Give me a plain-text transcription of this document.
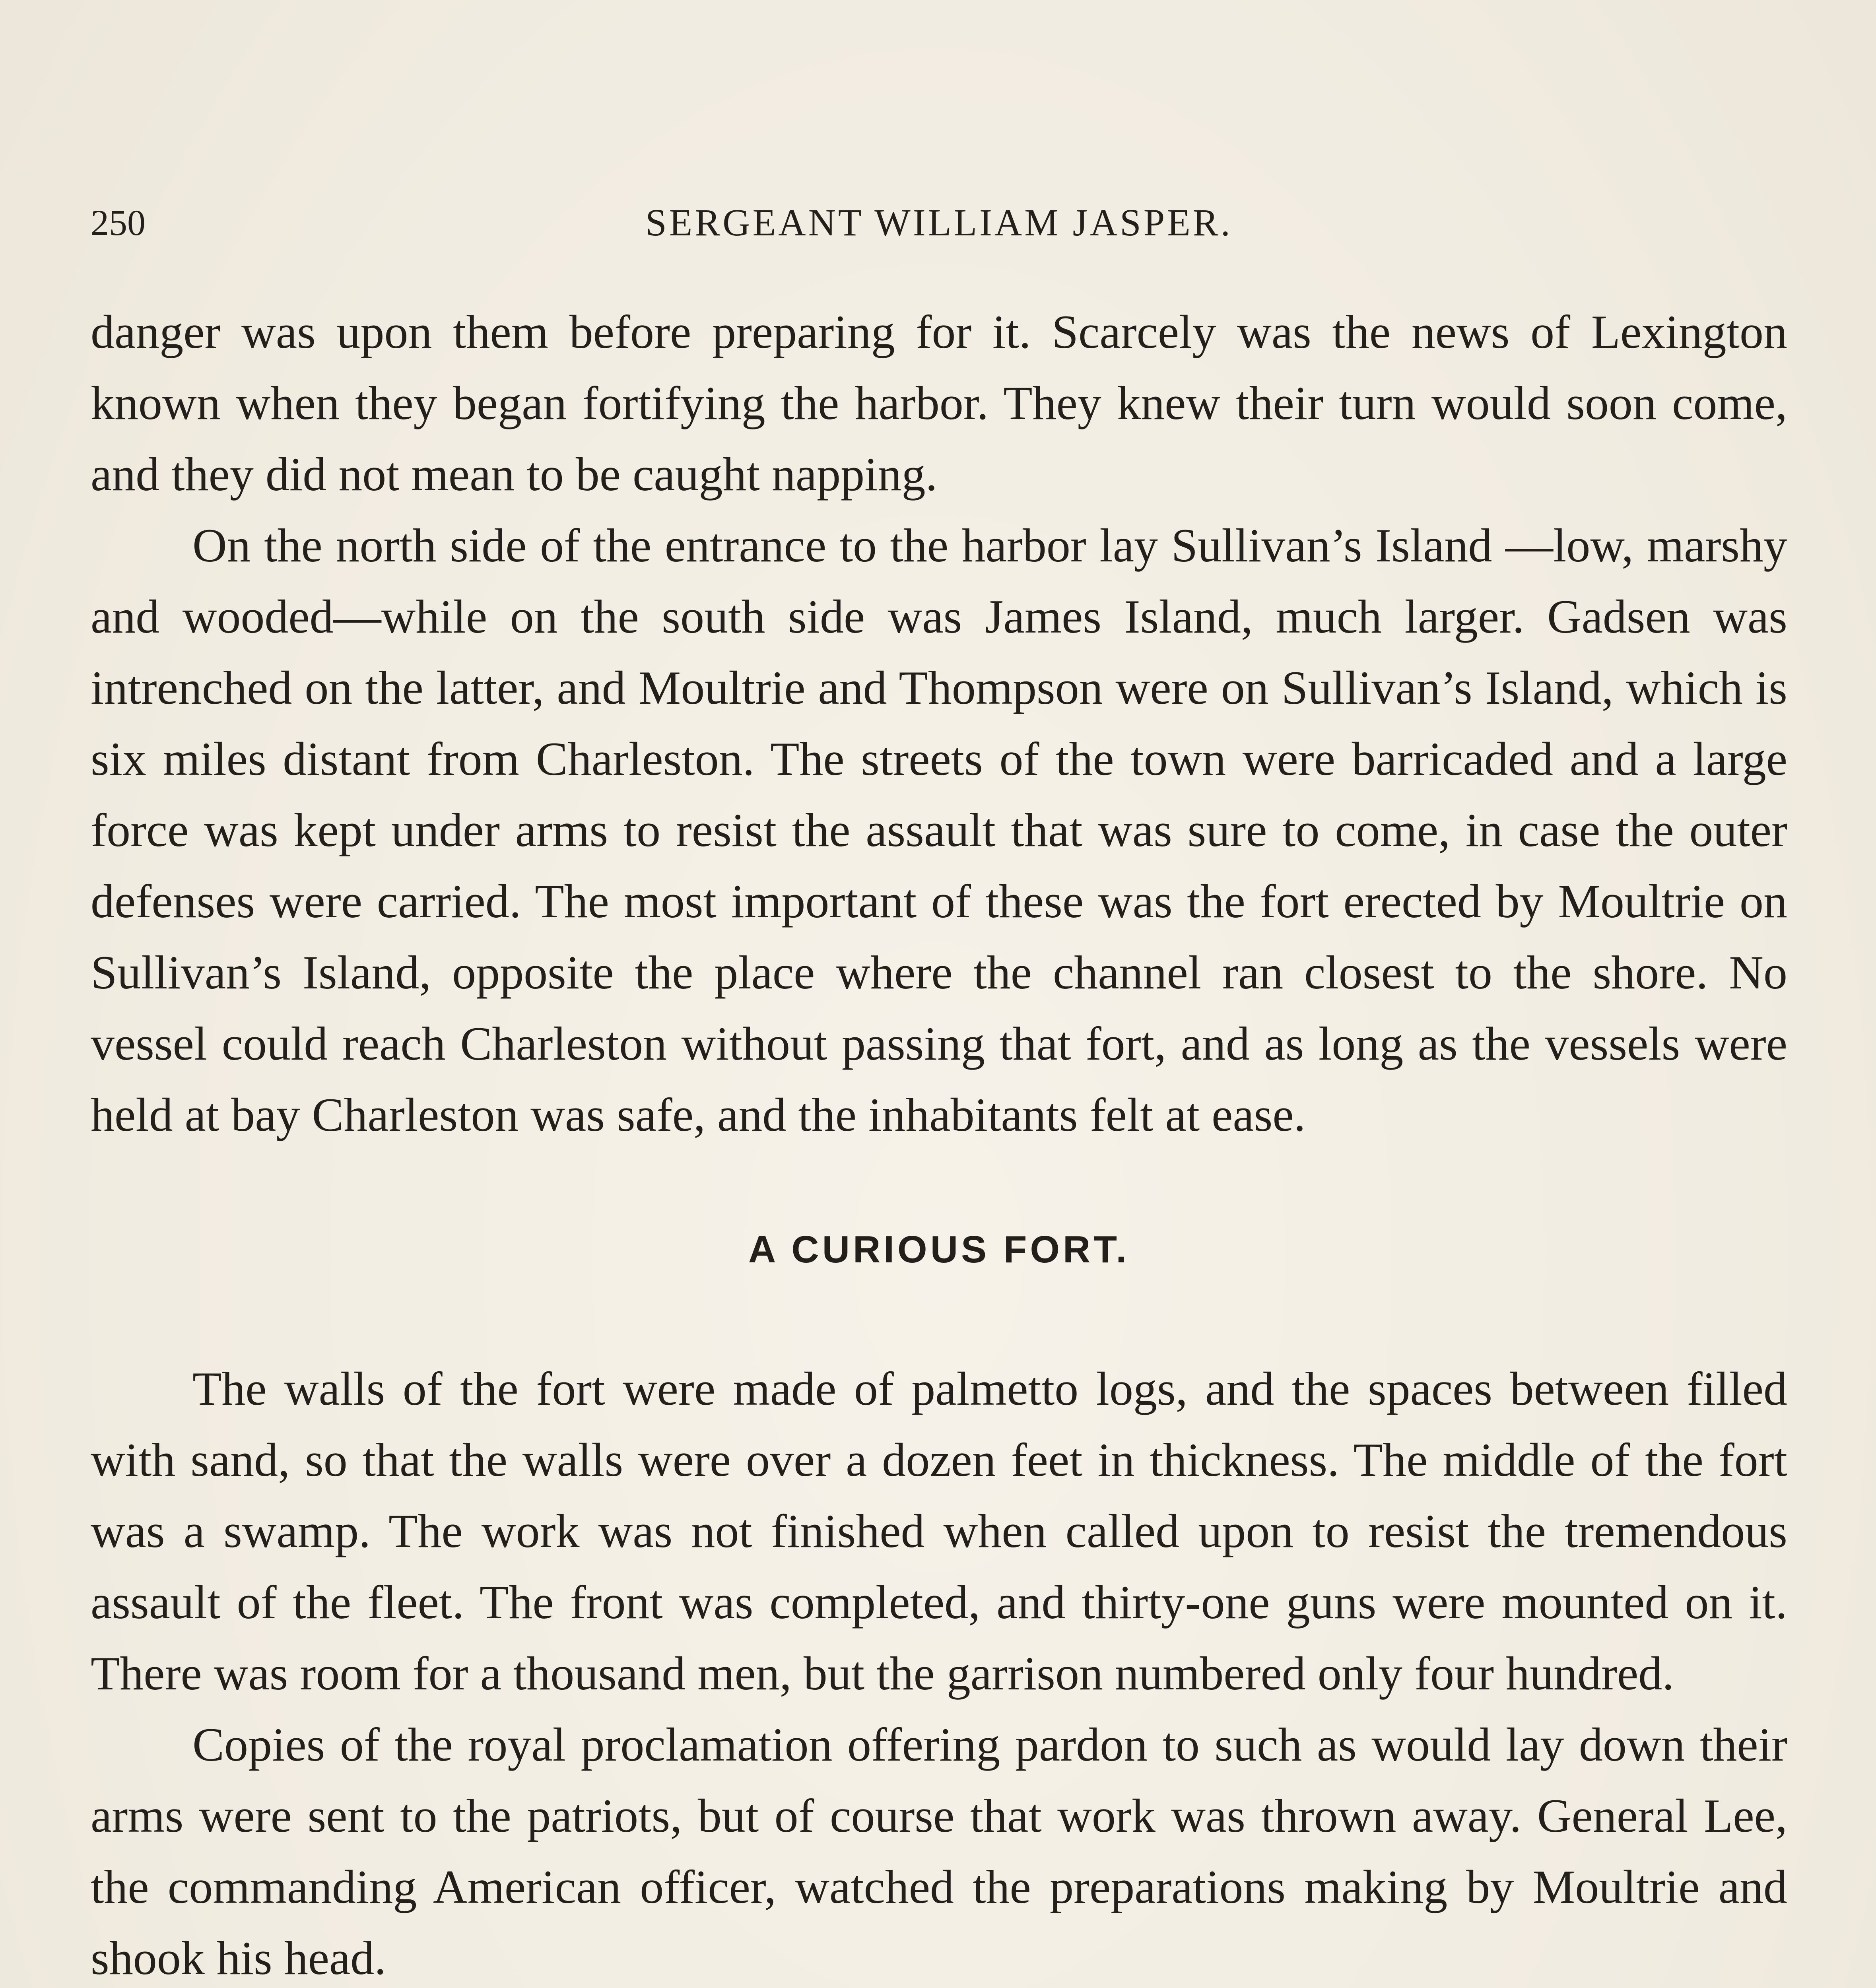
250	SERGEANT WILLIAM JASPER.

danger was upon them before preparing for it. Scarcely was the news of Lexington known when they began fortifying the harbor. They knew their turn would soon come, and they did not mean to be caught napping.

On the north side of the entrance to the harbor lay Sullivan’s Island —low, marshy and wooded—while on the south side was James Island, much larger. Gadsen was intrenched on the latter, and Moultrie and Thompson were on Sullivan’s Island, which is six miles distant from Charleston. The streets of the town were barricaded and a large force was kept under arms to resist the assault that was sure to come, in case the outer defenses were carried. The most important of these was the fort erected by Moultrie on Sullivan’s Island, opposite the place where the channel ran closest to the shore. No vessel could reach Charleston without passing that fort, and as long as the vessels were held at bay Charleston was safe, and the inhabitants felt at ease.

A CURIOUS FORT.

The walls of the fort were made of palmetto logs, and the spaces between filled with sand, so that the walls were over a dozen feet in thickness. The middle of the fort was a swamp. The work was not finished when called upon to resist the tremendous assault of the fleet. The front was completed, and thirty-one guns were mounted on it. There was room for a thousand men, but the garrison numbered only four hundred.

Copies of the royal proclamation offering pardon to such as would lay down their arms were sent to the patriots, but of course that work was thrown away. General Lee, the commanding American officer, watched the preparations making by Moultrie and shook his head.
